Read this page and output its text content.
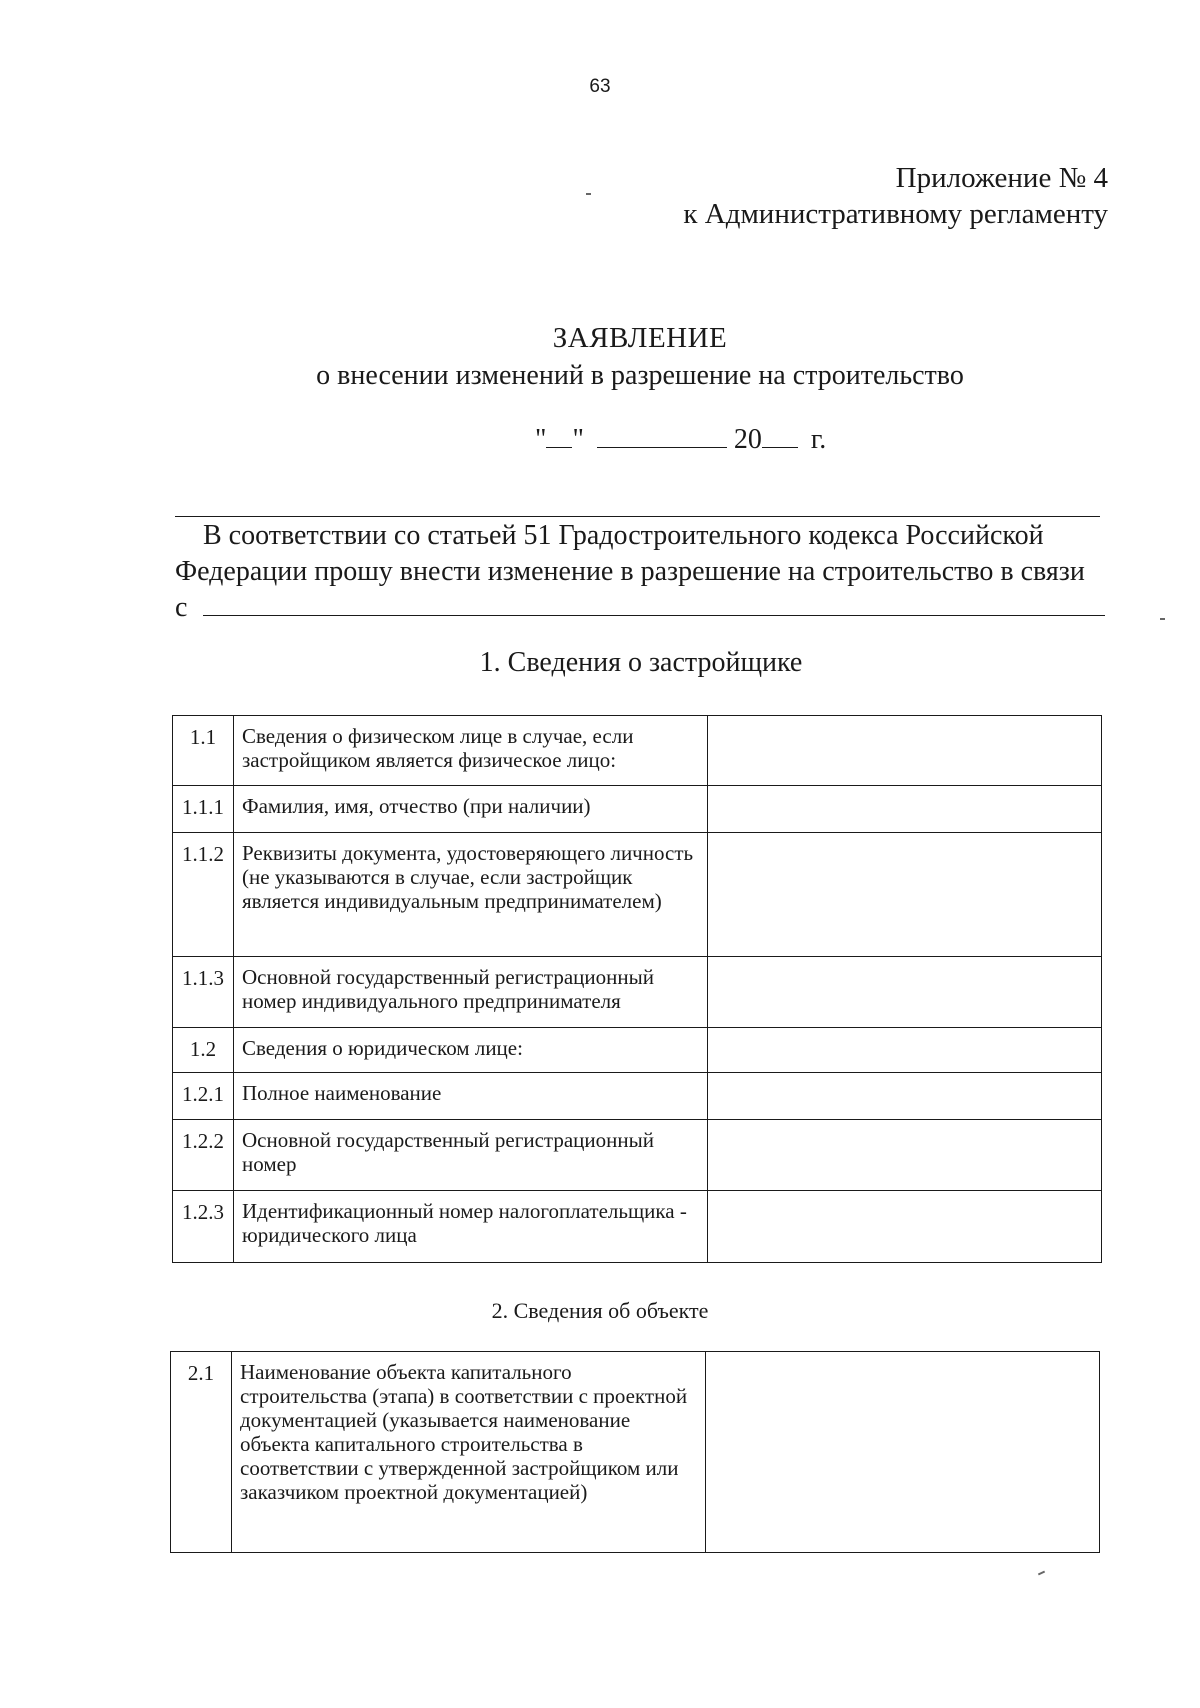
63
Приложение № 4
к Административному регламенту
ЗАЯВЛЕНИЕ
о внесении изменений в разрешение на строительство
" "	20 г.
В соответствии со статьей 51 Градостроительного кодекса Российской
Федерации прошу внести изменение в разрешение на строительство в связи
с
1. Сведения о застройщике
1.1	Сведения о физическом лице в случае, если застройщиком является физическое лицо:	
1.1.1	Фамилия, имя, отчество (при наличии)	
1.1.2	Реквизиты документа, удостоверяющего личность (не указываются в случае, если застройщик является индивидуальным предпринимателем)	
1.1.3	Основной государственный регистрационный номер индивидуального предпринимателя	
1.2	Сведения о юридическом лице:	
1.2.1	Полное наименование	
1.2.2	Основной государственный регистрационный номер	
1.2.3	Идентификационный номер налогоплательщика - юридического лица	
2. Сведения об объекте
2.1	Наименование объекта капитального строительства (этапа) в соответствии с проектной документацией (указывается наименование объекта капитального строительства в соответствии с утвержденной застройщиком или заказчиком проектной документацией)	
